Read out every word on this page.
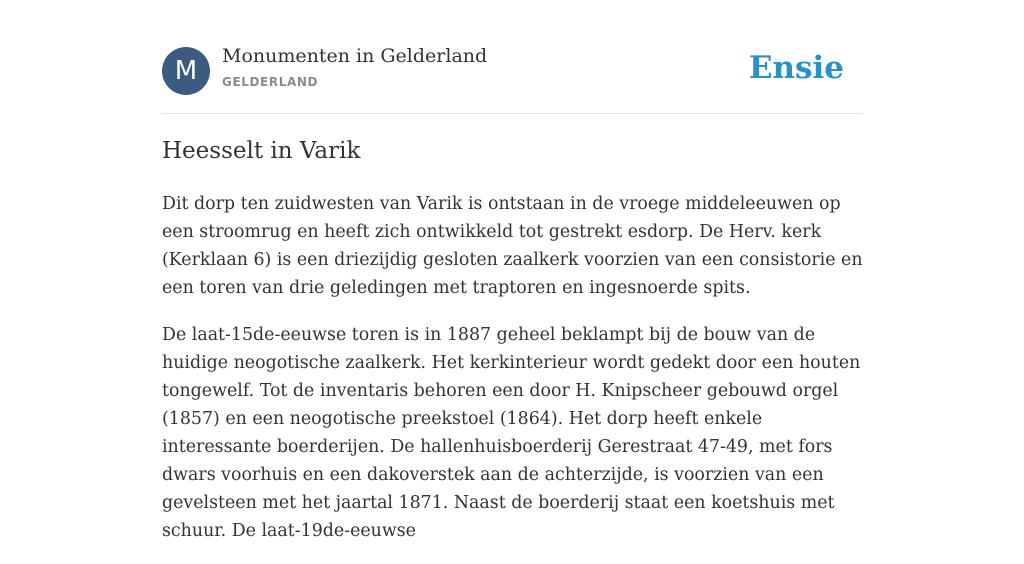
M	Monumenten in Gelderland
GELDERLAND	Ensie
Heesselt in Varik

Dit dorp ten zuidwesten van Varik is ontstaan in de vroege middeleeuwen op een stroomrug en heeft zich ontwikkeld tot gestrekt esdorp. De Herv. kerk (Kerklaan 6) is een driezijdig gesloten zaalkerk voorzien van een consistorie en een toren van drie geledingen met traptoren en ingesnoerde spits.

De laat-15de-eeuwse toren is in 1887 geheel beklampt bij de bouw van de huidige neogotische zaalkerk. Het kerkinterieur wordt gedekt door een houten tongewelf. Tot de inventaris behoren een door H. Knipscheer gebouwd orgel (1857) en een neogotische preekstoel (1864). Het dorp heeft enkele interessante boerderijen. De hallenhuisboerderij Gerestraat 47-49, met fors dwars voorhuis en een dakoverstek aan de achterzijde, is voorzien van een gevelsteen met het jaartal 1871. Naast de boerderij staat een koetshuis met schuur. De laat-19de-eeuwse
